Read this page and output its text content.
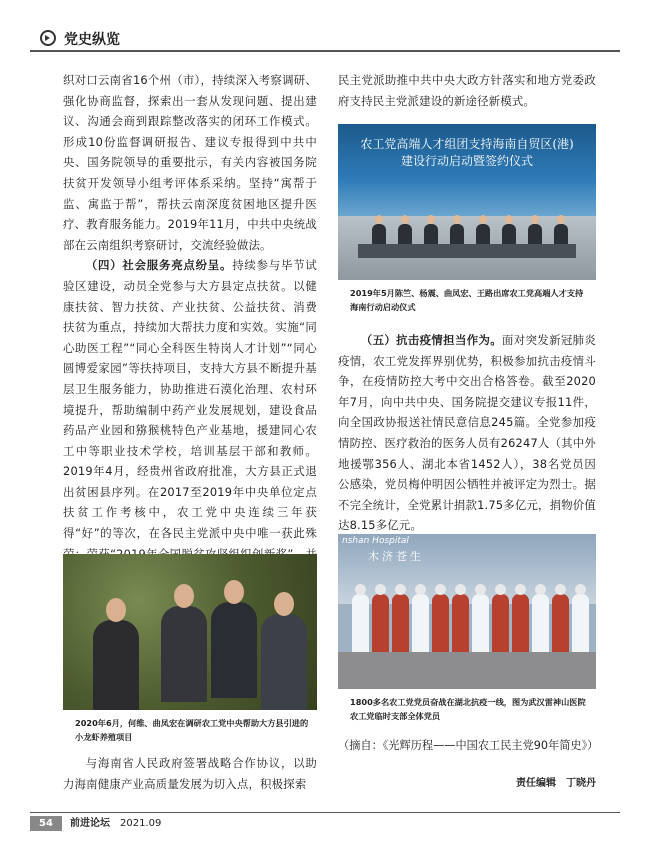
党史纵览

织对口云南省16个州（市），持续深入考察调研、强化协商监督，探索出一套从发现问题、提出建议、沟通会商到跟踪整改落实的闭环工作模式。形成10份监督调研报告、建议专报得到中共中央、国务院领导的重要批示，有关内容被国务院扶贫开发领导小组考评体系采纳。坚持“寓帮于监、寓监于帮”，帮扶云南深度贫困地区提升医疗、教育服务能力。2019年11月，中共中央统战部在云南组织考察研讨，交流经验做法。

（四）社会服务亮点纷呈。持续参与毕节试验区建设，动员全党参与大方县定点扶贫。以健康扶贫、智力扶贫、产业扶贫、公益扶贫、消费扶贫为重点，持续加大帮扶力度和实效。实施“同心助医工程”“同心全科医生特岗人才计划”“同心圆博爱家园”等扶持项目，支持大方县不断提升基层卫生服务能力，协助推进石漠化治理、农村环境提升，帮助编制中药产业发展规划，建设食品药品产业园和猕猴桃特色产业基地，援建同心农工中等职业技术学校，培训基层干部和教师。2019年4月，经贵州省政府批准，大方县正式退出贫困县序列。在2017至2019年中央单位定点扶贫工作考核中，农工党中央连续三年获得“好”的等次，在各民主党派中央中唯一获此殊

2020年6月，何维、曲凤宏在调研农工党中央帮助大方县引进的小龙虾养殖项目

与海南省人民政府签署战略合作协议，以助力海南健康产业高质量发展为切入点，积极探索

民主党派助推中共中央大政方针落实和地方党委政府支持民主党派建设的新途径新模式。

农工党高端人才组团支持海南自贸区(港)
建设行动启动暨签约仪式
2019年5月陈竺、杨震、曲凤宏、王路出席农工党高端人才支持海南行动启动仪式

（五）抗击疫情担当作为。面对突发新冠肺炎疫情，农工党发挥界别优势，积极参加抗击疫情斗争，在疫情防控大考中交出合格答卷。截至2020年7月，向中共中央、国务院提交建议专报11件，向全国政协报送社情民意信息245篇。全党参加疫情防控、医疗救治的医务人员有26247人（其中外地援鄂356人、湖北本省1452人），38名党员因公感染，党员梅仲明因公牺牲并被评定为烈士。据不完全统计，全党累计捐款1.75多亿元，捐物价值达8.15多亿元。

nshan Hospital
木济苍生
1800多名农工党党员奋战在湖北抗疫一线，图为武汉雷神山医院农工党临时支部全体党员
（摘自：《光辉历程——中国农工民主党90年简史》）
责任编辑　丁晓丹
54	前进论坛 2021.09
